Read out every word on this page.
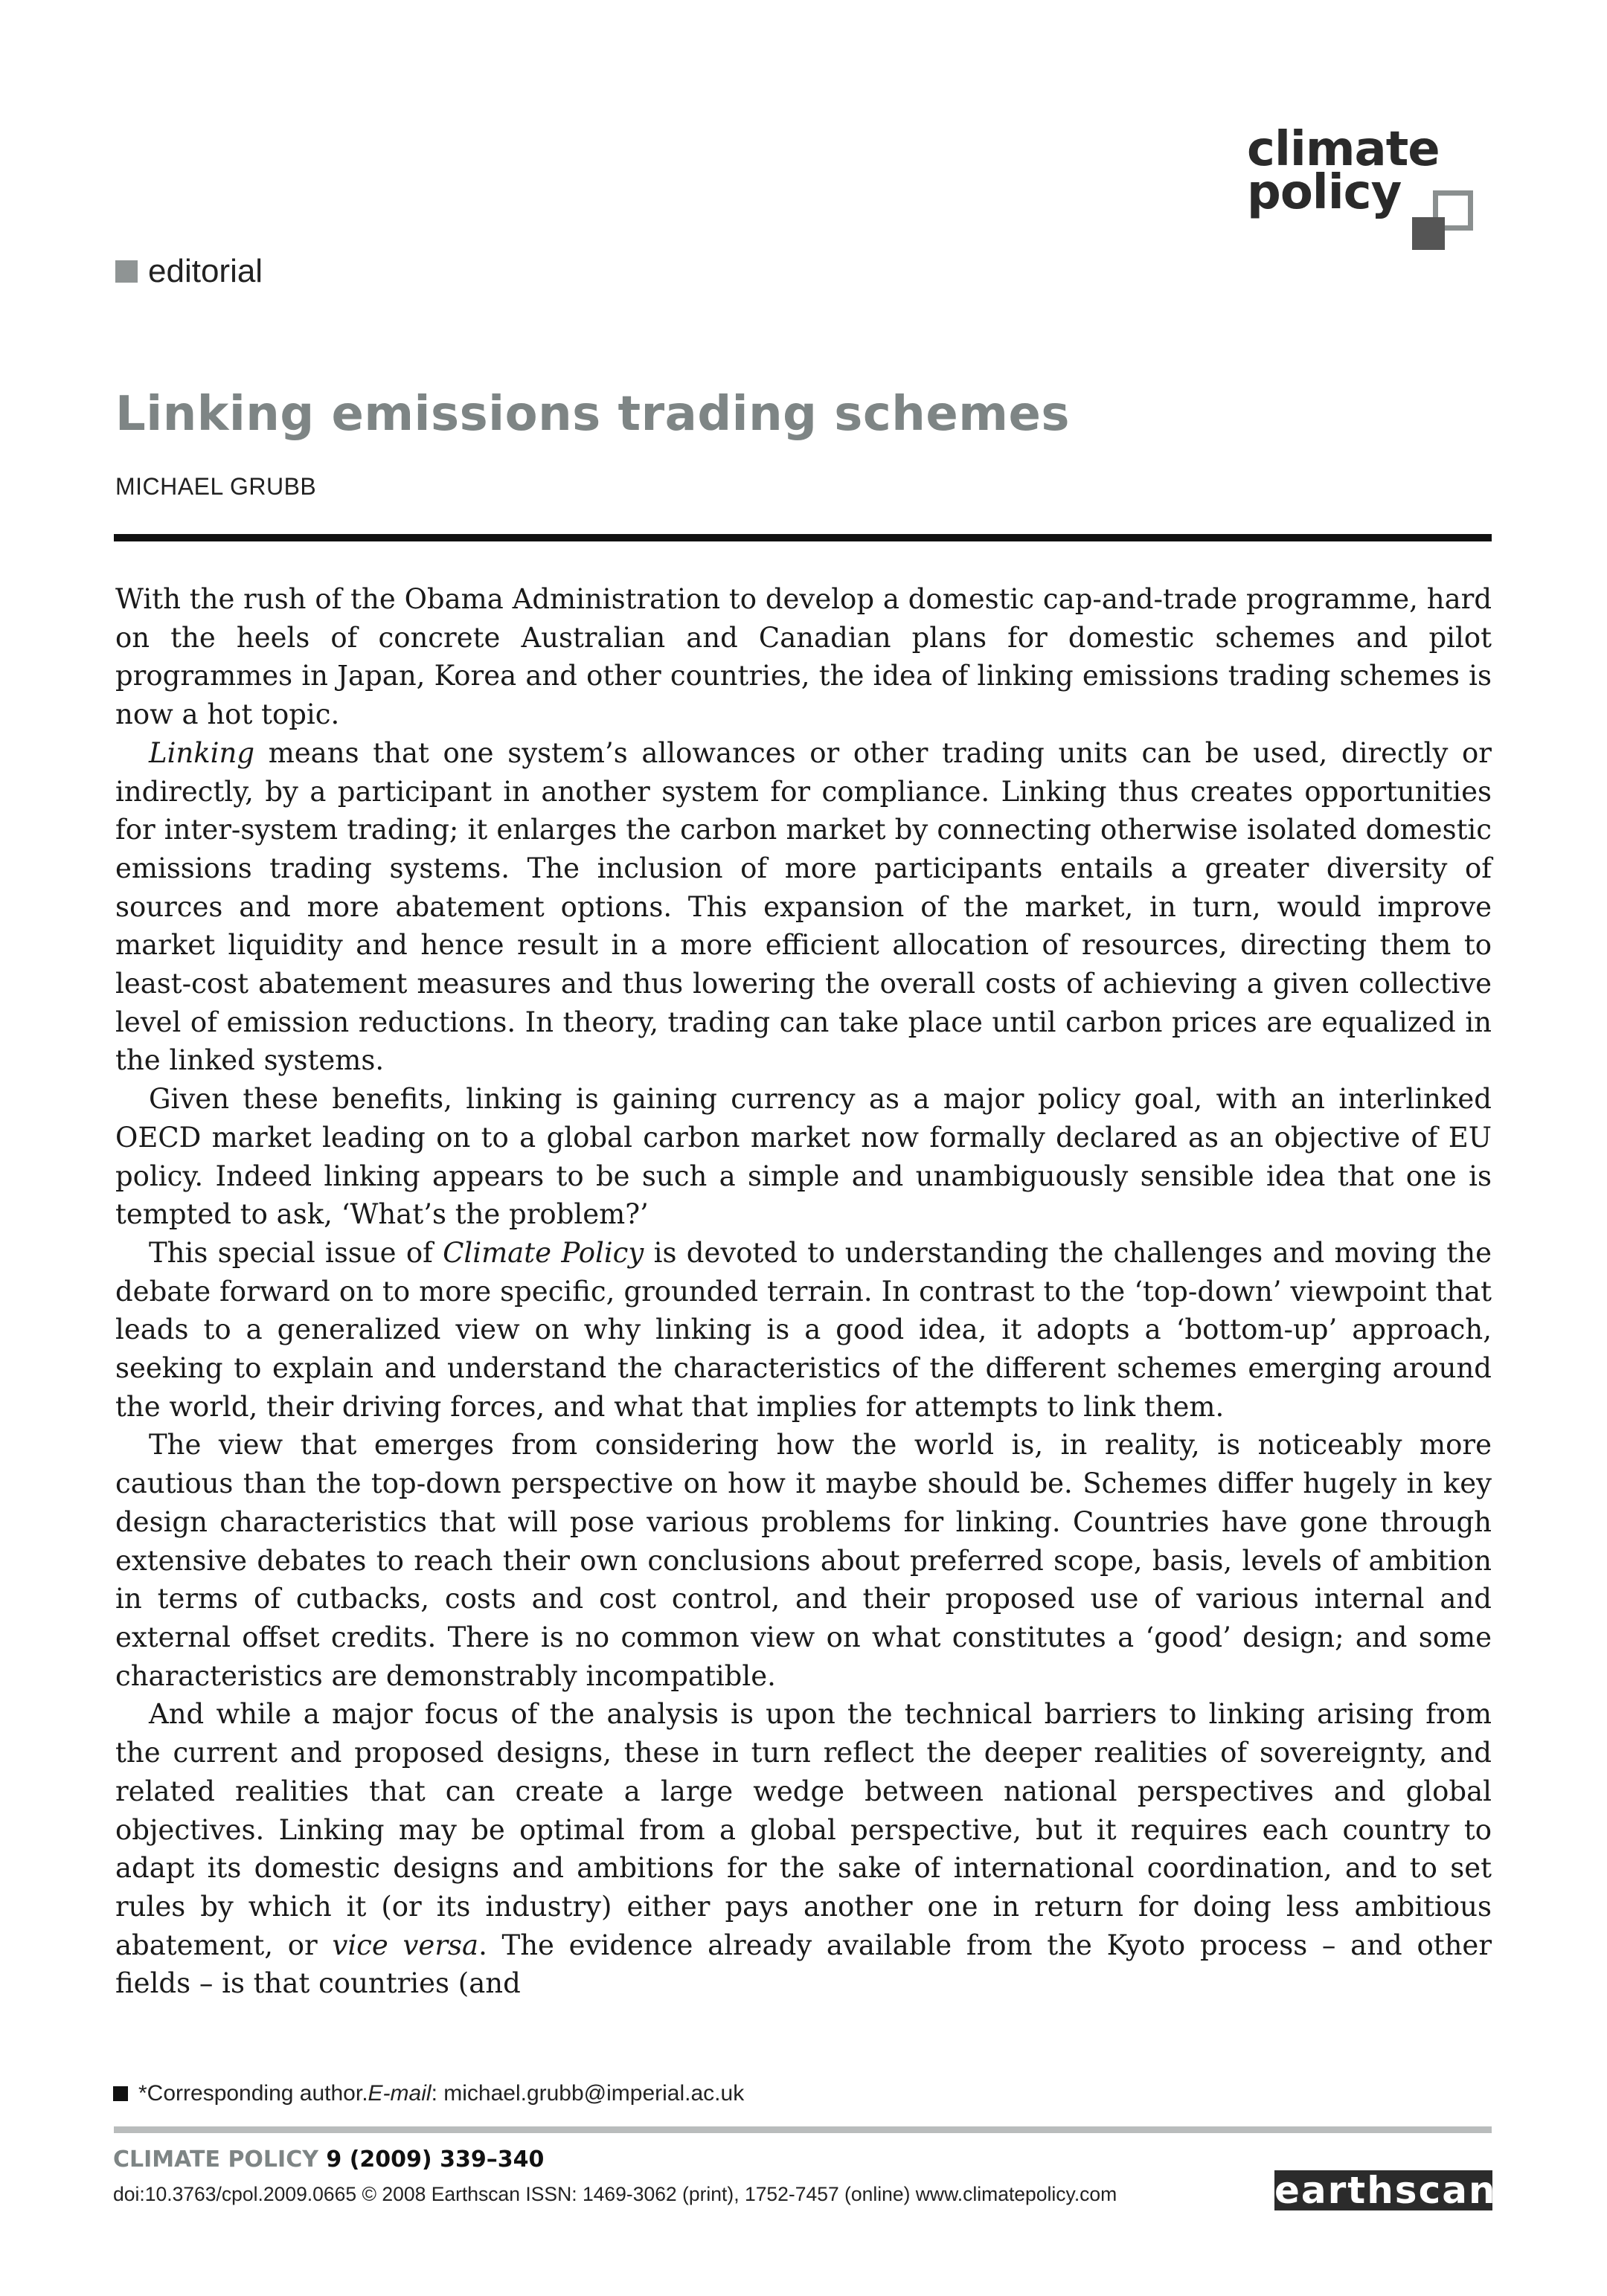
climate
policy
editorial
Linking emissions trading schemes
MICHAEL GRUBB

With the rush of the Obama Administration to develop a domestic cap-and-trade programme, hard on the heels of concrete Australian and Canadian plans for domestic schemes and pilot programmes in Japan, Korea and other countries, the idea of linking emissions trading schemes is now a hot topic.

Linking means that one system’s allowances or other trading units can be used, directly or indirectly, by a participant in another system for compliance. Linking thus creates opportunities for inter-system trading; it enlarges the carbon market by connecting otherwise isolated domestic emissions trading systems. The inclusion of more participants entails a greater diversity of sources and more abatement options. This expansion of the market, in turn, would improve market liquidity and hence result in a more efficient allocation of resources, directing them to least-cost abatement measures and thus lowering the overall costs of achieving a given collective level of emission reductions. In theory, trading can take place until carbon prices are equalized in the linked systems.

Given these benefits, linking is gaining currency as a major policy goal, with an interlinked OECD market leading on to a global carbon market now formally declared as an objective of EU policy. Indeed linking appears to be such a simple and unambiguously sensible idea that one is tempted to ask, ‘What’s the problem?’

This special issue of Climate Policy is devoted to understanding the challenges and moving the debate forward on to more specific, grounded terrain. In contrast to the ‘top-down’ viewpoint that leads to a generalized view on why linking is a good idea, it adopts a ‘bottom-up’ approach, seeking to explain and understand the characteristics of the different schemes emerging around the world, their driving forces, and what that implies for attempts to link them.

The view that emerges from considering how the world is, in reality, is noticeably more cautious than the top-down perspective on how it maybe should be. Schemes differ hugely in key design characteristics that will pose various problems for linking. Countries have gone through extensive debates to reach their own conclusions about preferred scope, basis, levels of ambition in terms of cutbacks, costs and cost control, and their proposed use of various internal and external offset credits. There is no common view on what constitutes a ‘good’ design; and some characteristics are demonstrably incompatible.

And while a major focus of the analysis is upon the technical barriers to linking arising from the current and proposed designs, these in turn reflect the deeper realities of sovereignty, and related realities that can create a large wedge between national perspectives and global objectives. Linking may be optimal from a global perspective, but it requires each country to adapt its domestic designs and ambitions for the sake of international coordination, and to set rules by which it (or its industry) either pays another one in return for doing less ambitious abatement, or vice versa. The evidence already available from the Kyoto process – and other fields – is that countries (and

*Corresponding author. E-mail : michael.grubb@imperial.ac.uk
CLIMATE POLICY 9 (2009) 339–340
doi:10.3763/cpol.2009.0665 © 2008 Earthscan ISSN: 1469-3062 (print), 1752-7457 (online) www.climatepolicy.com	earthscan
